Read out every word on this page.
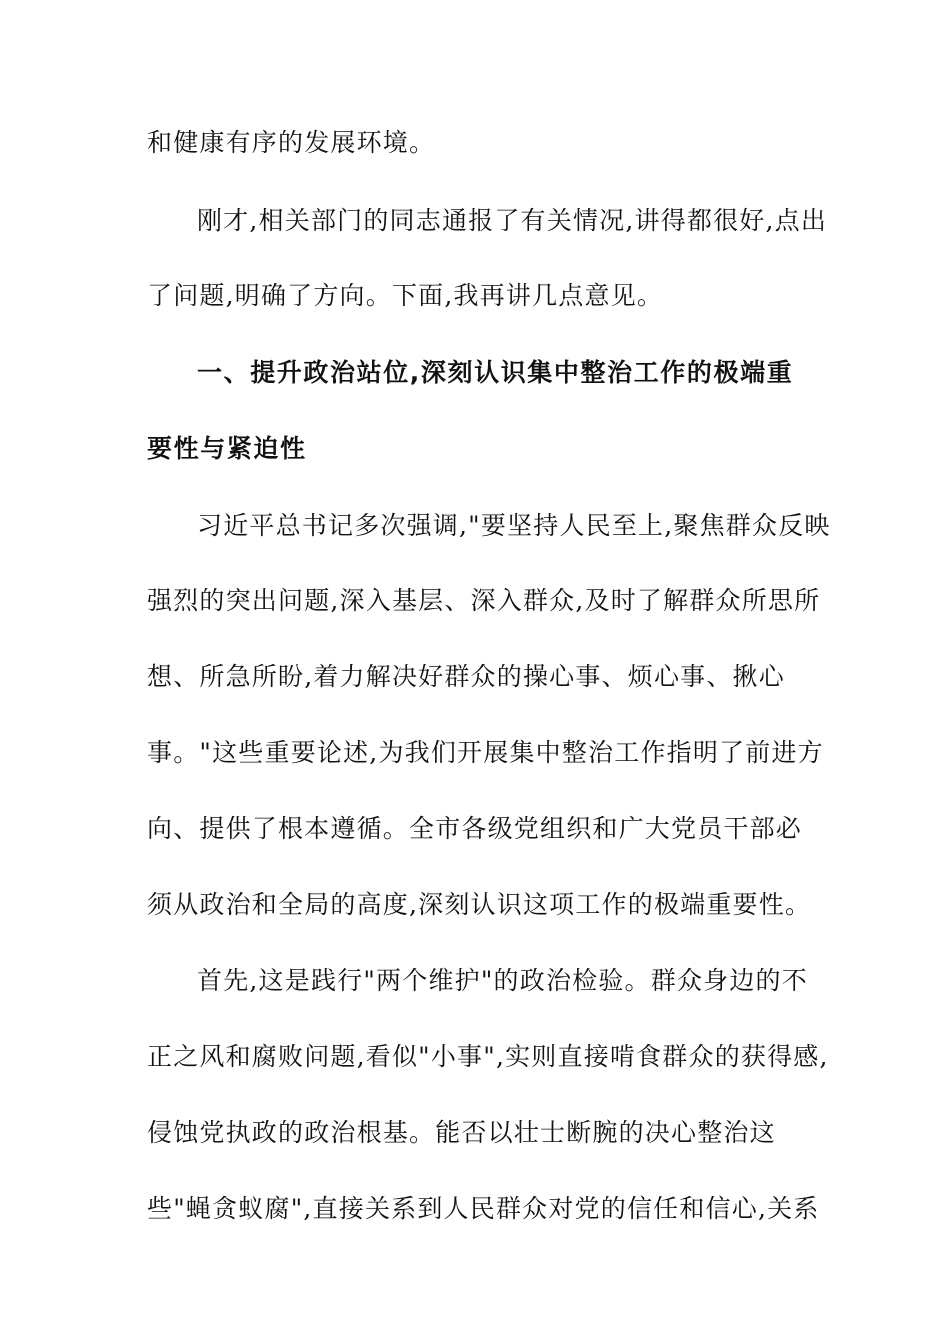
和健康有序的发展环境。
刚才,相关部门的同志通报了有关情况,讲得都很好,点出
了问题,明确了方向。下面,我再讲几点意见。
一、提升政治站位,深刻认识集中整治工作的极端重
要性与紧迫性
习近平总书记多次强调,"要坚持人民至上,聚焦群众反映
强烈的突出问题,深入基层、深入群众,及时了解群众所思所
想、所急所盼,着力解决好群众的操心事、烦心事、揪心
事。"这些重要论述,为我们开展集中整治工作指明了前进方
向、提供了根本遵循。全市各级党组织和广大党员干部必
须从政治和全局的高度,深刻认识这项工作的极端重要性。
首先,这是践行"两个维护"的政治检验。群众身边的不
正之风和腐败问题,看似"小事",实则直接啃食群众的获得感,
侵蚀党执政的政治根基。能否以壮士断腕的决心整治这
些"蝇贪蚁腐",直接关系到人民群众对党的信任和信心,关系
